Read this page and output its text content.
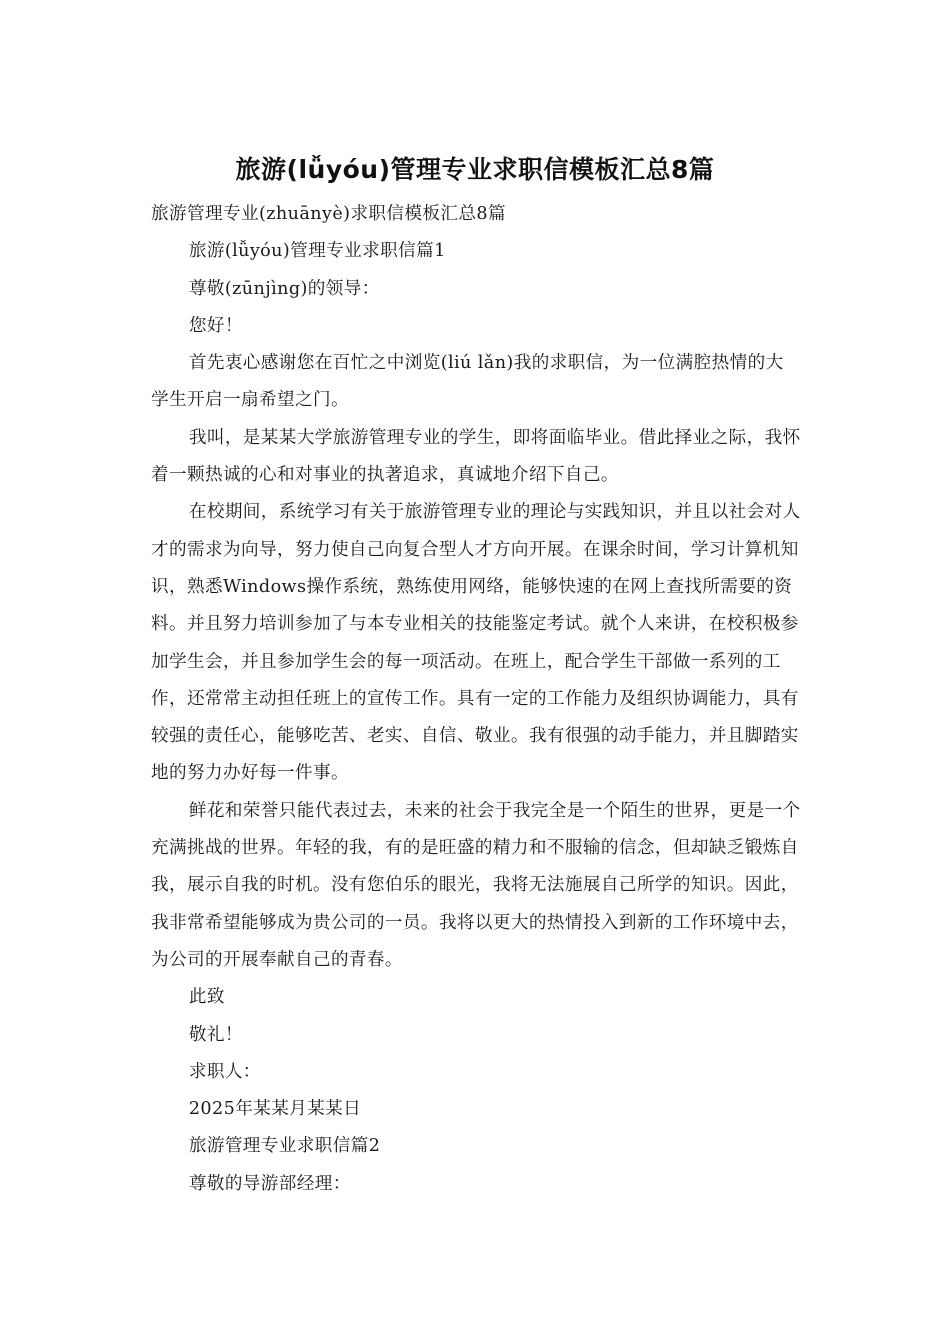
旅游(lǚyóu)管理专业求职信模板汇总8篇

旅游管理专业(zhuānyè)求职信模板汇总8篇

旅游(lǚyóu)管理专业求职信篇1

尊敬(zūnjìng)的领导：

您好！

首先衷心感谢您在百忙之中浏览(liú lǎn)我的求职信，为一位满腔热情的大学生开启一扇希望之门。

我叫，是某某大学旅游管理专业的学生，即将面临毕业。借此择业之际，我怀着一颗热诚的心和对事业的执著追求，真诚地介绍下自己。

在校期间，系统学习有关于旅游管理专业的理论与实践知识，并且以社会对人才的需求为向导，努力使自己向复合型人才方向开展。在课余时间，学习计算机知识，熟悉Windows操作系统，熟练使用网络，能够快速的在网上查找所需要的资料。并且努力培训参加了与本专业相关的技能鉴定考试。就个人来讲，在校积极参加学生会，并且参加学生会的每一项活动。在班上，配合学生干部做一系列的工作，还常常主动担任班上的宣传工作。具有一定的工作能力及组织协调能力，具有较强的责任心，能够吃苦、老实、自信、敬业。我有很强的动手能力，并且脚踏实地的努力办好每一件事。

鲜花和荣誉只能代表过去，未来的社会于我完全是一个陌生的世界，更是一个充满挑战的世界。年轻的我，有的是旺盛的精力和不服输的信念，但却缺乏锻炼自我，展示自我的时机。没有您伯乐的眼光，我将无法施展自己所学的知识。因此，我非常希望能够成为贵公司的一员。我将以更大的热情投入到新的工作环境中去，为公司的开展奉献自己的青春。

此致

敬礼！

求职人：

2025年某某月某某日

旅游管理专业求职信篇2

尊敬的导游部经理：
